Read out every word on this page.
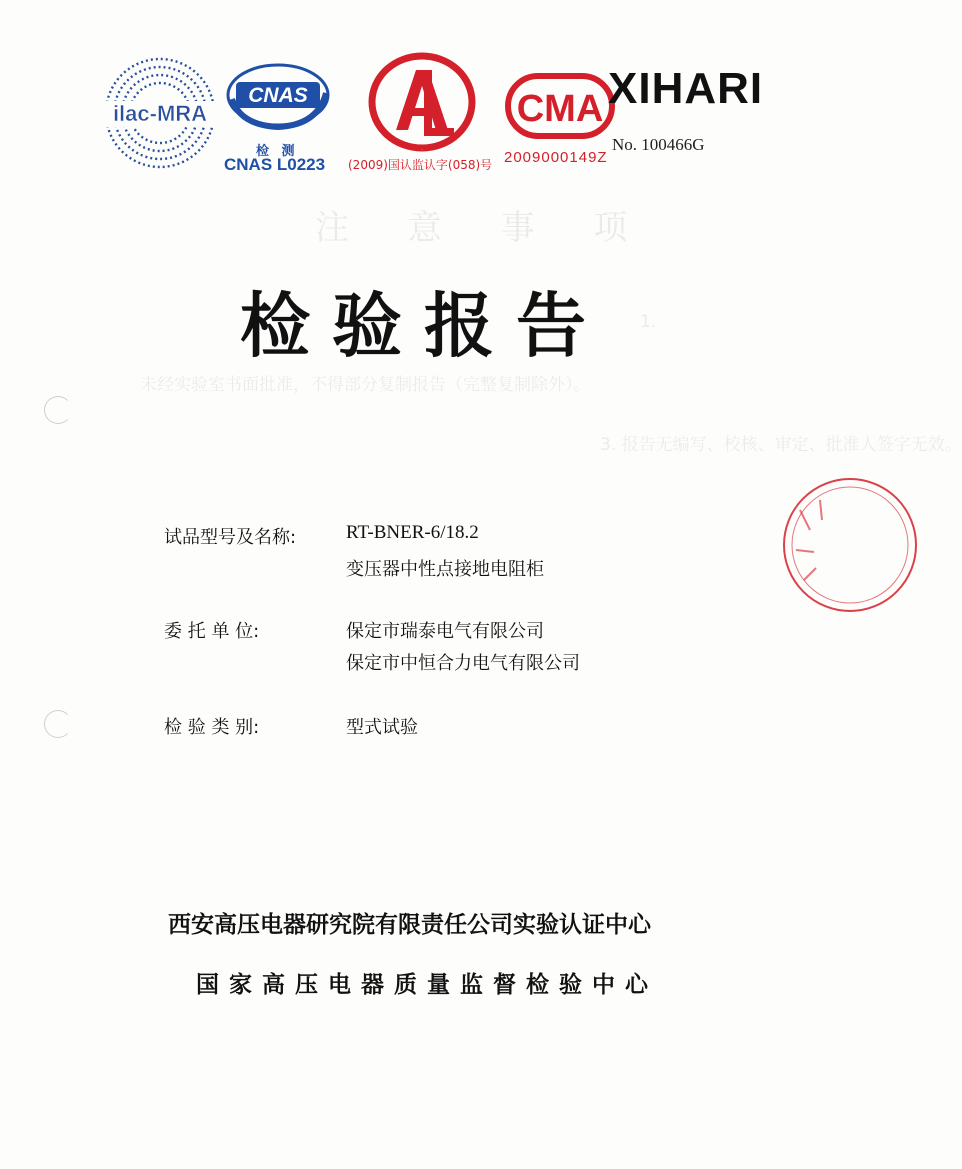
ilac-MRA
CNAS
检 测
CNAS L0223
CAL
(2009)国认监认字(058)号
CMA
2009000149Z
XIHARI
No. 100466G
注 意 事 项
1.
未经实验室书面批准，不得部分复制报告（完整复制除外）。
3. 报告无编写、校核、审定、批准人签字无效。
检验报告
试品型号及名称:	RT-BNER-6/18.2
变压器中性点接地电阻柜
委 托 单 位:	保定市瑞泰电气有限公司
保定市中恒合力电气有限公司
检 验 类 别:	型式试验
西安高压电器研究院有限责任公司实验认证中心
国家高压电器质量监督检验中心
